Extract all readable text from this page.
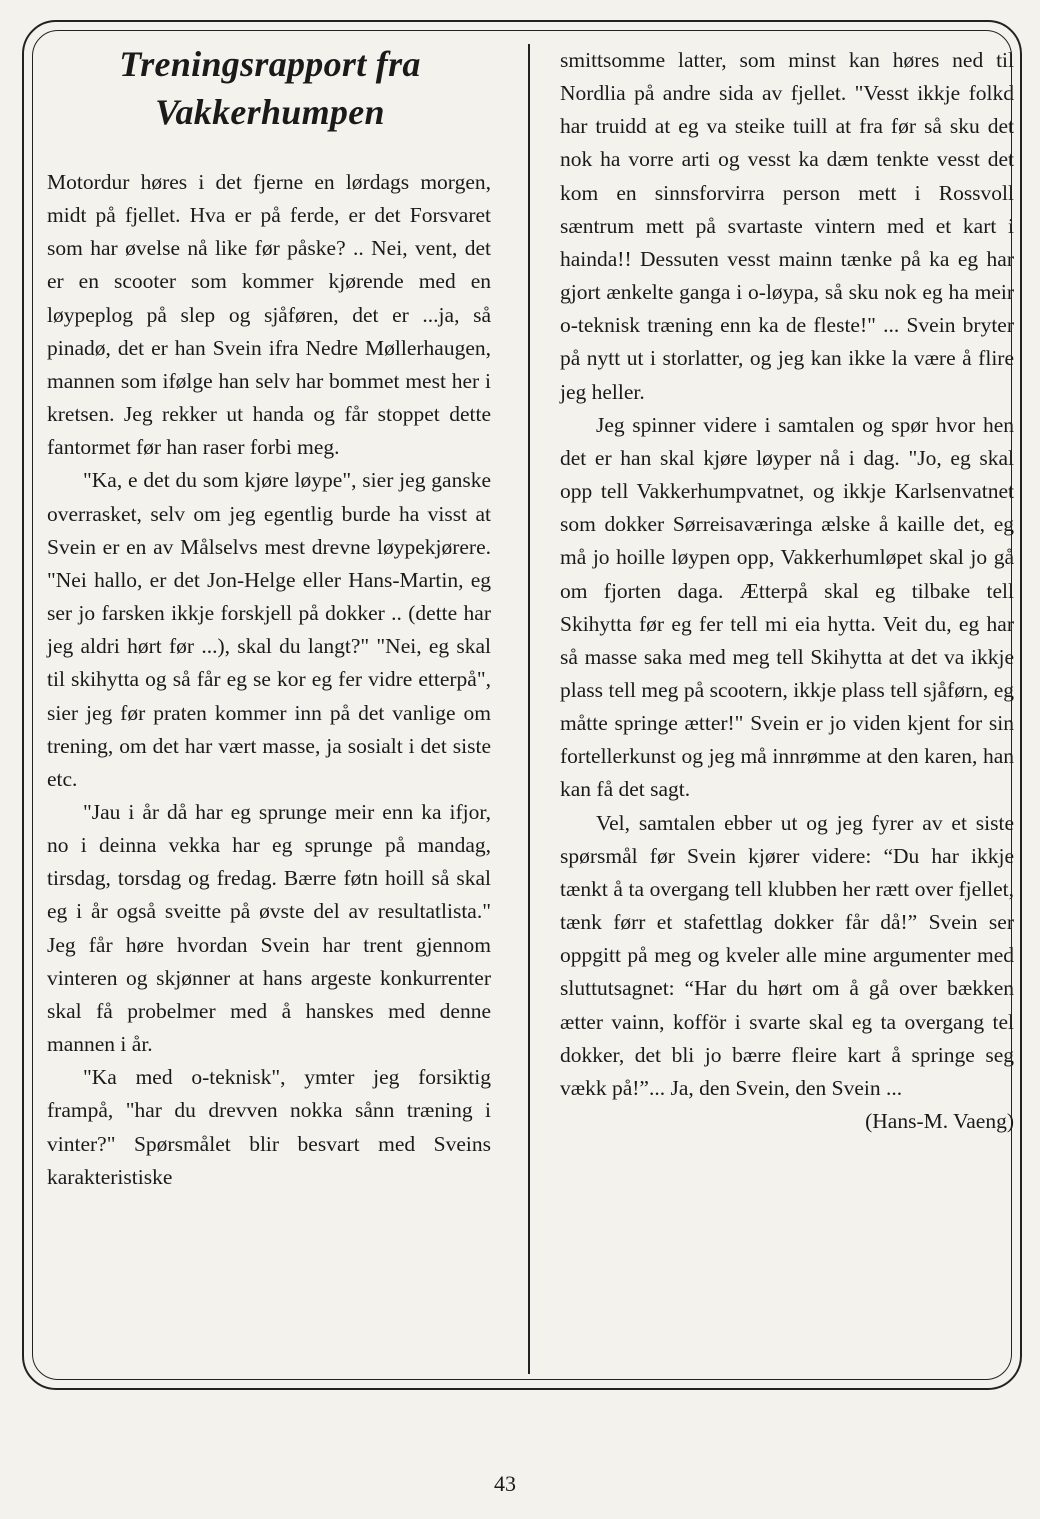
Treningsrapport fra
Vakkerhumpen

Motordur høres i det fjerne en lørdags morgen, midt på fjellet. Hva er på ferde, er det Forsvaret som har øvelse nå like før påske? .. Nei, vent, det er en scooter som kommer kjørende med en løypeplog på slep og sjåføren, det er ...ja, så pinadø, det er han Svein ifra Nedre Møllerhaugen, mannen som ifølge han selv har bommet mest her i kretsen. Jeg rekker ut handa og får stoppet dette fantormet før han raser forbi meg.

"Ka, e det du som kjøre løype", sier jeg ganske overrasket, selv om jeg egentlig burde ha visst at Svein er en av Målselvs mest drevne løypekjørere. "Nei hallo, er det Jon-Helge eller Hans-Martin, eg ser jo farsken ikkje forskjell på dokker .. (dette har jeg aldri hørt før ...), skal du langt?" "Nei, eg skal til skihytta og så får eg se kor eg fer vidre etterpå", sier jeg før praten kommer inn på det vanlige om trening, om det har vært masse, ja sosialt i det siste etc.

"Jau i år då har eg sprunge meir enn ka ifjor, no i deinna vekka har eg sprunge på mandag, tirsdag, torsdag og fredag. Bærre føtn hoill så skal eg i år også sveitte på øvste del av resultatlista." Jeg får høre hvordan Svein har trent gjennom vinteren og skjønner at hans argeste konkurrenter skal få probelmer med å hanskes med denne mannen i år.

"Ka med o-teknisk", ymter jeg forsiktig frampå, "har du drevven nokka sånn træning i vinter?" Spørsmålet blir besvart med Sveins karakteristiske

smittsomme latter, som minst kan høres ned til Nordlia på andre sida av fjellet. "Vesst ikkje folkd har truidd at eg va steike tuill at fra før så sku det nok ha vorre arti og vesst ka dæm tenkte vesst det kom en sinnsforvirra person mett i Rossvoll sæntrum mett på svartaste vintern med et kart i hainda!! Dessuten vesst mainn tænke på ka eg har gjort ænkelte ganga i o-løypa, så sku nok eg ha meir o-teknisk træning enn ka de fleste!" ... Svein bryter på nytt ut i storlatter, og jeg kan ikke la være å flire jeg heller.

Jeg spinner videre i samtalen og spør hvor hen det er han skal kjøre løyper nå i dag. "Jo, eg skal opp tell Vakkerhumpvatnet, og ikkje Karlsenvatnet som dokker Sørreisaværinga ælske å kaille det, eg må jo hoille løypen opp, Vakkerhumløpet skal jo gå om fjorten daga. Ætterpå skal eg tilbake tell Skihytta før eg fer tell mi eia hytta. Veit du, eg har så masse saka med meg tell Skihytta at det va ikkje plass tell meg på scootern, ikkje plass tell sjåførn, eg måtte springe ætter!" Svein er jo viden kjent for sin fortellerkunst og jeg må innrømme at den karen, han kan få det sagt.

Vel, samtalen ebber ut og jeg fyrer av et siste spørsmål før Svein kjører videre: “Du har ikkje tænkt å ta overgang tell klubben her rætt over fjellet, tænk førr et stafettlag dokker får då!” Svein ser oppgitt på meg og kveler alle mine argumenter med sluttutsagnet: “Har du hørt om å gå over bækken ætter vainn, kofför i svarte skal eg ta overgang tel dokker, det bli jo bærre fleire kart å springe seg vækk på!”... Ja, den Svein, den Svein ...

(Hans-M. Vaeng)

43
